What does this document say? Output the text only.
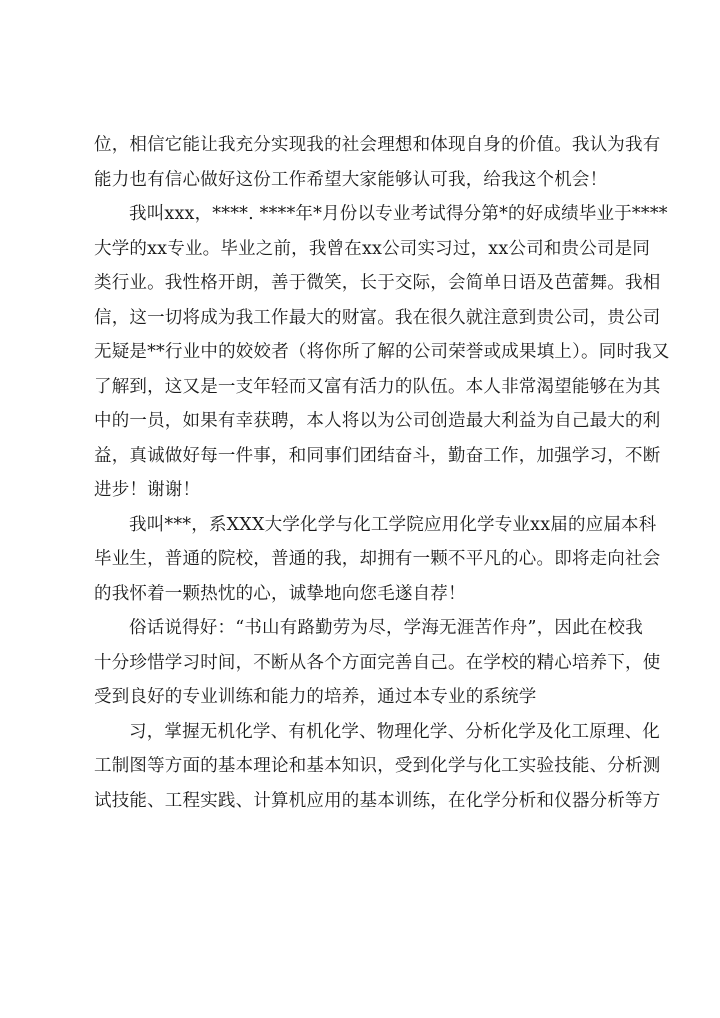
位，相信它能让我充分实现我的社会理想和体现自身的价值。我认为我有
能力也有信心做好这份工作希望大家能够认可我，给我这个机会！

我叫xxx，****. ****年*月份以专业考试得分第*的好成绩毕业于****
大学的xx专业。毕业之前，我曾在xx公司实习过，xx公司和贵公司是同
类行业。我性格开朗，善于微笑，长于交际，会简单日语及芭蕾舞。我相
信，这一切将成为我工作最大的财富。我在很久就注意到贵公司，贵公司
无疑是**行业中的姣姣者（将你所了解的公司荣誉或成果填上）。同时我又
了解到，这又是一支年轻而又富有活力的队伍。本人非常渴望能够在为其
中的一员，如果有幸获聘，本人将以为公司创造最大利益为自己最大的利
益，真诚做好每一件事，和同事们团结奋斗，勤奋工作，加强学习，不断
进步！谢谢！

我叫***，系XXX大学化学与化工学院应用化学专业xx届的应届本科
毕业生，普通的院校，普通的我，却拥有一颗不平凡的心。即将走向社会
的我怀着一颗热忱的心，诚挚地向您毛遂自荐！

俗话说得好：“书山有路勤劳为尽，学海无涯苦作舟”，因此在校我
十分珍惜学习时间，不断从各个方面完善自己。在学校的精心培养下，使
受到良好的专业训练和能力的培养，通过本专业的系统学

习，掌握无机化学、有机化学、物理化学、分析化学及化工原理、化
工制图等方面的基本理论和基本知识，受到化学与化工实验技能、分析测
试技能、工程实践、计算机应用的基本训练，在化学分析和仪器分析等方
